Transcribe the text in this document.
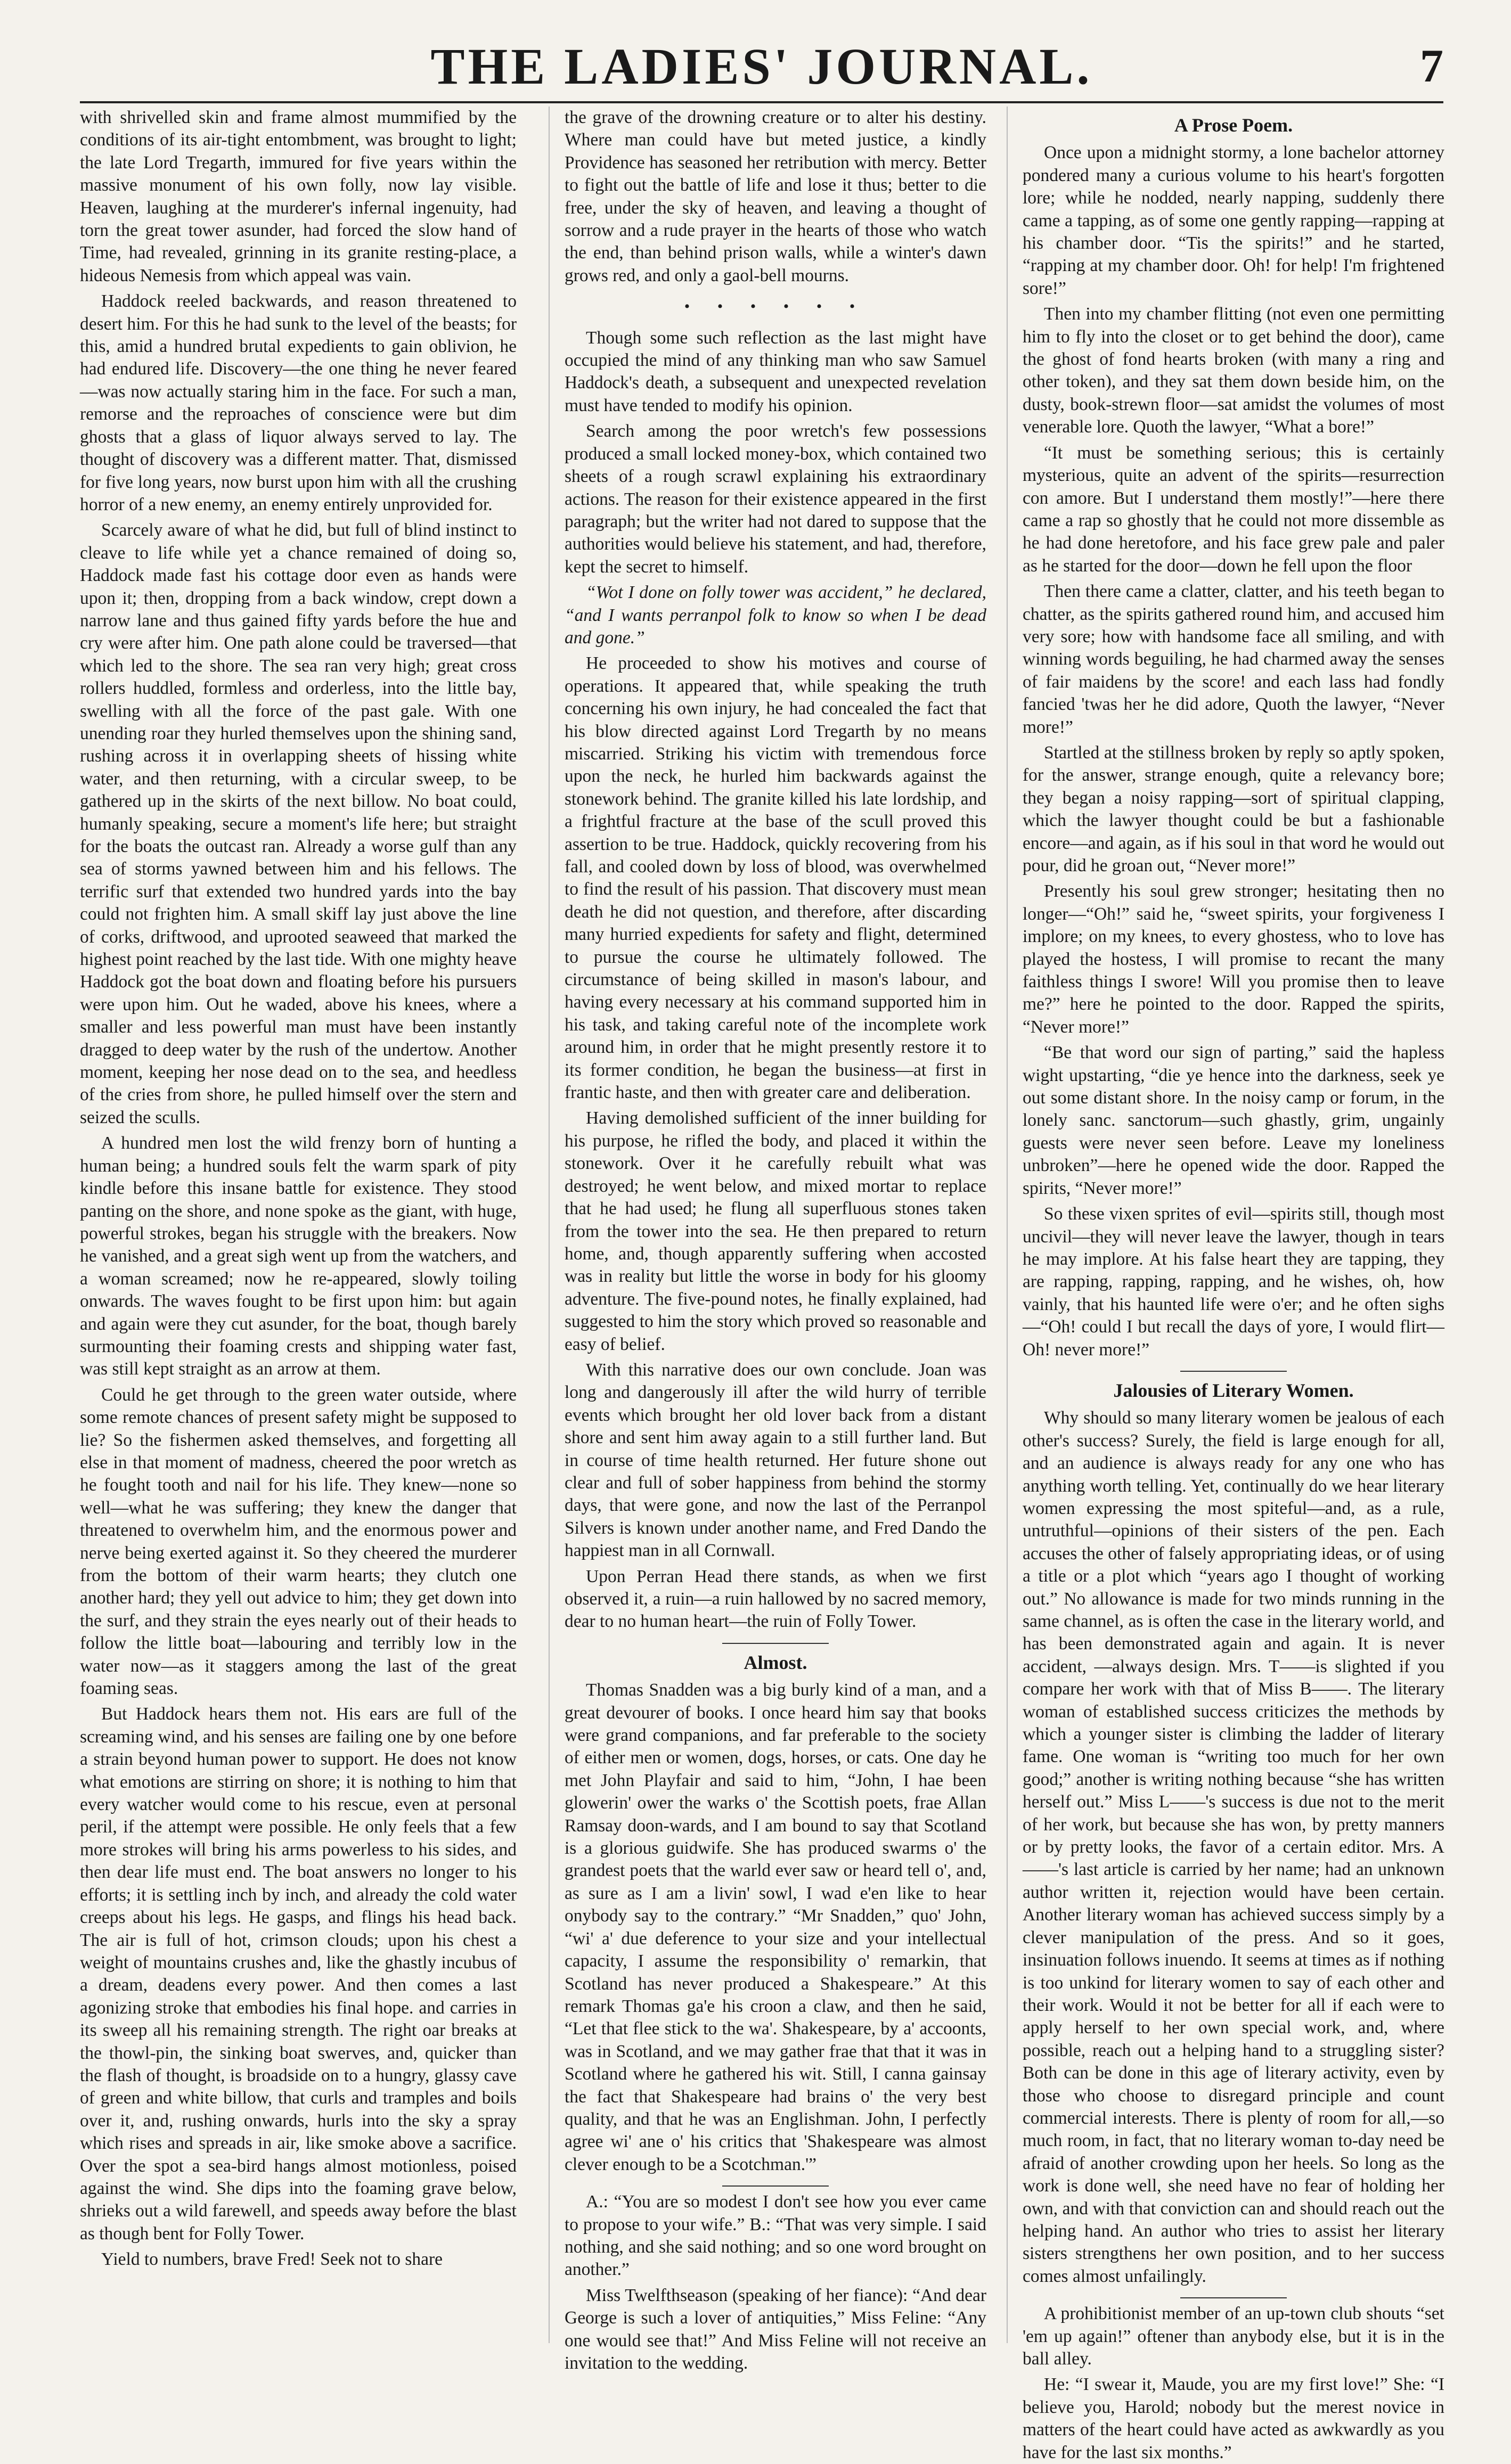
THE LADIES' JOURNAL.	7

with shrivelled skin and frame almost mummified by the conditions of its air-tight entombment, was brought to light; the late Lord Tregarth, immured for five years within the massive monument of his own folly, now lay visible. Heaven, laughing at the murderer's infernal ingenuity, had torn the great tower asunder, had forced the slow hand of Time, had revealed, grinning in its granite resting-place, a hideous Nemesis from which appeal was vain.

Haddock reeled backwards, and reason threatened to desert him. For this he had sunk to the level of the beasts; for this, amid a hundred brutal expedients to gain oblivion, he had endured life. Discovery—the one thing he never feared—was now actually staring him in the face. For such a man, remorse and the reproaches of conscience were but dim ghosts that a glass of liquor always served to lay. The thought of discovery was a different matter. That, dismissed for five long years, now burst upon him with all the crushing horror of a new enemy, an enemy entirely unprovided for.

Scarcely aware of what he did, but full of blind instinct to cleave to life while yet a chance remained of doing so, Haddock made fast his cottage door even as hands were upon it; then, dropping from a back window, crept down a narrow lane and thus gained fifty yards before the hue and cry were after him. One path alone could be traversed—that which led to the shore. The sea ran very high; great cross rollers huddled, formless and orderless, into the little bay, swelling with all the force of the past gale. With one unending roar they hurled themselves upon the shining sand, rushing across it in overlapping sheets of hissing white water, and then returning, with a circular sweep, to be gathered up in the skirts of the next billow. No boat could, humanly speaking, secure a moment's life here; but straight for the boats the outcast ran. Already a worse gulf than any sea of storms yawned between him and his fellows. The terrific surf that extended two hundred yards into the bay could not frighten him. A small skiff lay just above the line of corks, driftwood, and uprooted seaweed that marked the highest point reached by the last tide. With one mighty heave Haddock got the boat down and floating before his pursuers were upon him. Out he waded, above his knees, where a smaller and less powerful man must have been instantly dragged to deep water by the rush of the undertow. Another moment, keeping her nose dead on to the sea, and heedless of the cries from shore, he pulled himself over the stern and seized the sculls.

A hundred men lost the wild frenzy born of hunting a human being; a hundred souls felt the warm spark of pity kindle before this insane battle for existence. They stood panting on the shore, and none spoke as the giant, with huge, powerful strokes, began his struggle with the breakers. Now he vanished, and a great sigh went up from the watchers, and a woman screamed; now he re-appeared, slowly toiling onwards. The waves fought to be first upon him: but again and again were they cut asunder, for the boat, though barely surmounting their foaming crests and shipping water fast, was still kept straight as an arrow at them.

Could he get through to the green water outside, where some remote chances of present safety might be supposed to lie? So the fishermen asked themselves, and forgetting all else in that moment of madness, cheered the poor wretch as he fought tooth and nail for his life. They knew—none so well—what he was suffering; they knew the danger that threatened to overwhelm him, and the enormous power and nerve being exerted against it. So they cheered the murderer from the bottom of their warm hearts; they clutch one another hard; they yell out advice to him; they get down into the surf, and they strain the eyes nearly out of their heads to follow the little boat—labouring and terribly low in the water now—as it staggers among the last of the great foaming seas.

But Haddock hears them not. His ears are full of the screaming wind, and his senses are failing one by one before a strain beyond human power to support. He does not know what emotions are stirring on shore; it is nothing to him that every watcher would come to his rescue, even at personal peril, if the attempt were possible. He only feels that a few more strokes will bring his arms powerless to his sides, and then dear life must end. The boat answers no longer to his efforts; it is settling inch by inch, and already the cold water creeps about his legs. He gasps, and flings his head back. The air is full of hot, crimson clouds; upon his chest a weight of mountains crushes and, like the ghastly incubus of a dream, deadens every power. And then comes a last agonizing stroke that embodies his final hope. and carries in its sweep all his remaining strength. The right oar breaks at the thowl-pin, the sinking boat swerves, and, quicker than the flash of thought, is broadside on to a hungry, glassy cave of green and white billow, that curls and tramples and boils over it, and, rushing onwards, hurls into the sky a spray which rises and spreads in air, like smoke above a sacrifice. Over the spot a sea-bird hangs almost motionless, poised against the wind. She dips into the foaming grave below, shrieks out a wild farewell, and speeds away before the blast as though bent for Folly Tower.

Yield to numbers, brave Fred! Seek not to share

the grave of the drowning creature or to alter his destiny. Where man could have but meted justice, a kindly Providence has seasoned her retribution with mercy. Better to fight out the battle of life and lose it thus; better to die free, under the sky of heaven, and leaving a thought of sorrow and a rude prayer in the hearts of those who watch the end, than behind prison walls, while a winter's dawn grows red, and only a gaol-bell mourns.

• • • • • •

Though some such reflection as the last might have occupied the mind of any thinking man who saw Samuel Haddock's death, a subsequent and unexpected revelation must have tended to modify his opinion.

Search among the poor wretch's few possessions produced a small locked money-box, which contained two sheets of a rough scrawl explaining his extraordinary actions. The reason for their existence appeared in the first paragraph; but the writer had not dared to suppose that the authorities would believe his statement, and had, therefore, kept the secret to himself.

“Wot I done on folly tower was accident,” he declared, “and I wants perranpol folk to know so when I be dead and gone.”

He proceeded to show his motives and course of operations. It appeared that, while speaking the truth concerning his own injury, he had concealed the fact that his blow directed against Lord Tregarth by no means miscarried. Striking his victim with tremendous force upon the neck, he hurled him backwards against the stonework behind. The granite killed his late lordship, and a frightful fracture at the base of the scull proved this assertion to be true. Haddock, quickly recovering from his fall, and cooled down by loss of blood, was overwhelmed to find the result of his passion. That discovery must mean death he did not question, and therefore, after discarding many hurried expedients for safety and flight, determined to pursue the course he ultimately followed. The circumstance of being skilled in mason's labour, and having every necessary at his command supported him in his task, and taking careful note of the incomplete work around him, in order that he might presently restore it to its former condition, he began the business—at first in frantic haste, and then with greater care and deliberation.

Having demolished sufficient of the inner building for his purpose, he rifled the body, and placed it within the stonework. Over it he carefully rebuilt what was destroyed; he went below, and mixed mortar to replace that he had used; he flung all superfluous stones taken from the tower into the sea. He then prepared to return home, and, though apparently suffering when accosted was in reality but little the worse in body for his gloomy adventure. The five-pound notes, he finally explained, had suggested to him the story which proved so reasonable and easy of belief.

With this narrative does our own conclude. Joan was long and dangerously ill after the wild hurry of terrible events which brought her old lover back from a distant shore and sent him away again to a still further land. But in course of time health returned. Her future shone out clear and full of sober happiness from behind the stormy days, that were gone, and now the last of the Perranpol Silvers is known under another name, and Fred Dando the happiest man in all Cornwall.

Upon Perran Head there stands, as when we first observed it, a ruin—a ruin hallowed by no sacred memory, dear to no human heart—the ruin of Folly Tower.

Almost.

Thomas Snadden was a big burly kind of a man, and a great devourer of books. I once heard him say that books were grand companions, and far preferable to the society of either men or women, dogs, horses, or cats. One day he met John Playfair and said to him, “John, I hae been glowerin' ower the warks o' the Scottish poets, frae Allan Ramsay doon-wards, and I am bound to say that Scotland is a glorious guidwife. She has produced swarms o' the grandest poets that the warld ever saw or heard tell o', and, as sure as I am a livin' sowl, I wad e'en like to hear onybody say to the contrary.” “Mr Snadden,” quo' John, “wi' a' due deference to your size and your intellectual capacity, I assume the responsibility o' remarkin, that Scotland has never produced a Shakespeare.” At this remark Thomas ga'e his croon a claw, and then he said, “Let that flee stick to the wa'. Shakespeare, by a' accoonts, was in Scotland, and we may gather frae that that it was in Scotland where he gathered his wit. Still, I canna gainsay the fact that Shakespeare had brains o' the very best quality, and that he was an Englishman. John, I perfectly agree wi' ane o' his critics that 'Shakespeare was almost clever enough to be a Scotchman.'”

A.: “You are so modest I don't see how you ever came to propose to your wife.” B.: “That was very simple. I said nothing, and she said nothing; and so one word brought on another.”

Miss Twelfthseason (speaking of her fiance): “And dear George is such a lover of antiquities,” Miss Feline: “Any one would see that!” And Miss Feline will not receive an invitation to the wedding.

A Prose Poem.

Once upon a midnight stormy, a lone bachelor attorney pondered many a curious volume to his heart's forgotten lore; while he nodded, nearly napping, suddenly there came a tapping, as of some one gently rapping—rapping at his chamber door. “Tis the spirits!” and he started, “rapping at my chamber door. Oh! for help! I'm frightened sore!”

Then into my chamber flitting (not even one permitting him to fly into the closet or to get behind the door), came the ghost of fond hearts broken (with many a ring and other token), and they sat them down beside him, on the dusty, book-strewn floor—sat amidst the volumes of most venerable lore. Quoth the lawyer, “What a bore!”

“It must be something serious; this is certainly mysterious, quite an advent of the spirits—resurrection con amore. But I understand them mostly!”—here there came a rap so ghostly that he could not more dissemble as he had done heretofore, and his face grew pale and paler as he started for the door—down he fell upon the floor

Then there came a clatter, clatter, and his teeth began to chatter, as the spirits gathered round him, and accused him very sore; how with handsome face all smiling, and with winning words beguiling, he had charmed away the senses of fair maidens by the score! and each lass had fondly fancied 'twas her he did adore, Quoth the lawyer, “Never more!”

Startled at the stillness broken by reply so aptly spoken, for the answer, strange enough, quite a relevancy bore; they began a noisy rapping—sort of spiritual clapping, which the lawyer thought could be but a fashionable encore—and again, as if his soul in that word he would out pour, did he groan out, “Never more!”

Presently his soul grew stronger; hesitating then no longer—“Oh!” said he, “sweet spirits, your forgiveness I implore; on my knees, to every ghostess, who to love has played the hostess, I will promise to recant the many faithless things I swore! Will you promise then to leave me?” here he pointed to the door. Rapped the spirits, “Never more!”

“Be that word our sign of parting,” said the hapless wight upstarting, “die ye hence into the darkness, seek ye out some distant shore. In the noisy camp or forum, in the lonely sanc. sanctorum—such ghastly, grim, ungainly guests were never seen before. Leave my loneliness unbroken”—here he opened wide the door. Rapped the spirits, “Never more!”

So these vixen sprites of evil—spirits still, though most uncivil—they will never leave the lawyer, though in tears he may implore. At his false heart they are tapping, they are rapping, rapping, rapping, and he wishes, oh, how vainly, that his haunted life were o'er; and he often sighs—“Oh! could I but recall the days of yore, I would flirt—Oh! never more!”

Jalousies of Literary Women.

Why should so many literary women be jealous of each other's success? Surely, the field is large enough for all, and an audience is always ready for any one who has anything worth telling. Yet, continually do we hear literary women expressing the most spiteful—and, as a rule, untruthful—opinions of their sisters of the pen. Each accuses the other of falsely appropriating ideas, or of using a title or a plot which “years ago I thought of working out.” No allowance is made for two minds running in the same channel, as is often the case in the literary world, and has been demonstrated again and again. It is never accident, —always design. Mrs. T——is slighted if you compare her work with that of Miss B——. The literary woman of established success criticizes the methods by which a younger sister is climbing the ladder of literary fame. One woman is “writing too much for her own good;” another is writing nothing because “she has written herself out.” Miss L——'s success is due not to the merit of her work, but because she has won, by pretty manners or by pretty looks, the favor of a certain editor. Mrs. A——'s last article is carried by her name; had an unknown author written it, rejection would have been certain. Another literary woman has achieved success simply by a clever manipulation of the press. And so it goes, insinuation follows inuendo. It seems at times as if nothing is too unkind for literary women to say of each other and their work. Would it not be better for all if each were to apply herself to her own special work, and, where possible, reach out a helping hand to a struggling sister? Both can be done in this age of literary activity, even by those who choose to disregard principle and count commercial interests. There is plenty of room for all,—so much room, in fact, that no literary woman to-day need be afraid of another crowding upon her heels. So long as the work is done well, she need have no fear of holding her own, and with that conviction can and should reach out the helping hand. An author who tries to assist her literary sisters strengthens her own position, and to her success comes almost unfailingly.

A prohibitionist member of an up-town club shouts “set 'em up again!” oftener than anybody else, but it is in the ball alley.

He: “I swear it, Maude, you are my first love!” She: “I believe you, Harold; nobody but the merest novice in matters of the heart could have acted as awkwardly as you have for the last six months.”
